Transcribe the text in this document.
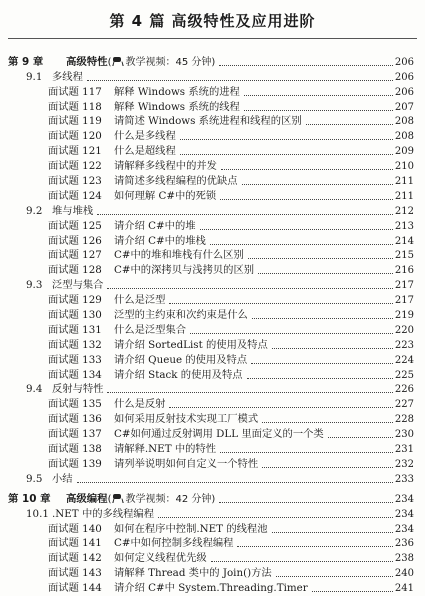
第 4 篇 高级特性及应用进阶
第 9 章	高级特性 ( 教学视频：45 分钟)	206
9.1 多线程	206
面试题 117	解释 Windows 系统的进程	206
面试题 118	解释 Windows 系统的线程	207
面试题 119	请简述 Windows 系统进程和线程的区别	208
面试题 120	什么是多线程	208
面试题 121	什么是超线程	209
面试题 122	请解释多线程中的并发	210
面试题 123	请简述多线程编程的优缺点	211
面试题 124	如何理解 C#中的死锁	211
9.2 堆与堆栈	212
面试题 125	请介绍 C#中的堆	213
面试题 126	请介绍 C#中的堆栈	214
面试题 127	C#中的堆和堆栈有什么区别	215
面试题 128	C#中的深拷贝与浅拷贝的区别	216
9.3 泛型与集合	217
面试题 129	什么是泛型	217
面试题 130	泛型的主约束和次约束是什么	219
面试题 131	什么是泛型集合	220
面试题 132	请介绍 SortedList 的使用及特点	223
面试题 133	请介绍 Queue 的使用及特点	224
面试题 134	请介绍 Stack 的使用及特点	225
9.4 反射与特性	226
面试题 135	什么是反射	227
面试题 136	如何采用反射技术实现工厂模式	228
面试题 137	C#如何通过反射调用 DLL 里面定义的一个类	230
面试题 138	请解释.NET 中的特性	231
面试题 139	请列举说明如何自定义一个特性	232
9.5 小结	233
第 10 章	高级编程 ( 教学视频：42 分钟)	234
10.1 .NET 中的多线程编程	234
面试题 140	如何在程序中控制.NET 的线程池	234
面试题 141	C#中如何控制多线程编程	236
面试题 142	如何定义线程优先级	238
面试题 143	请解释 Thread 类中的 Join()方法	240
面试题 144	请介绍 C#中 System.Threading.Timer	241
